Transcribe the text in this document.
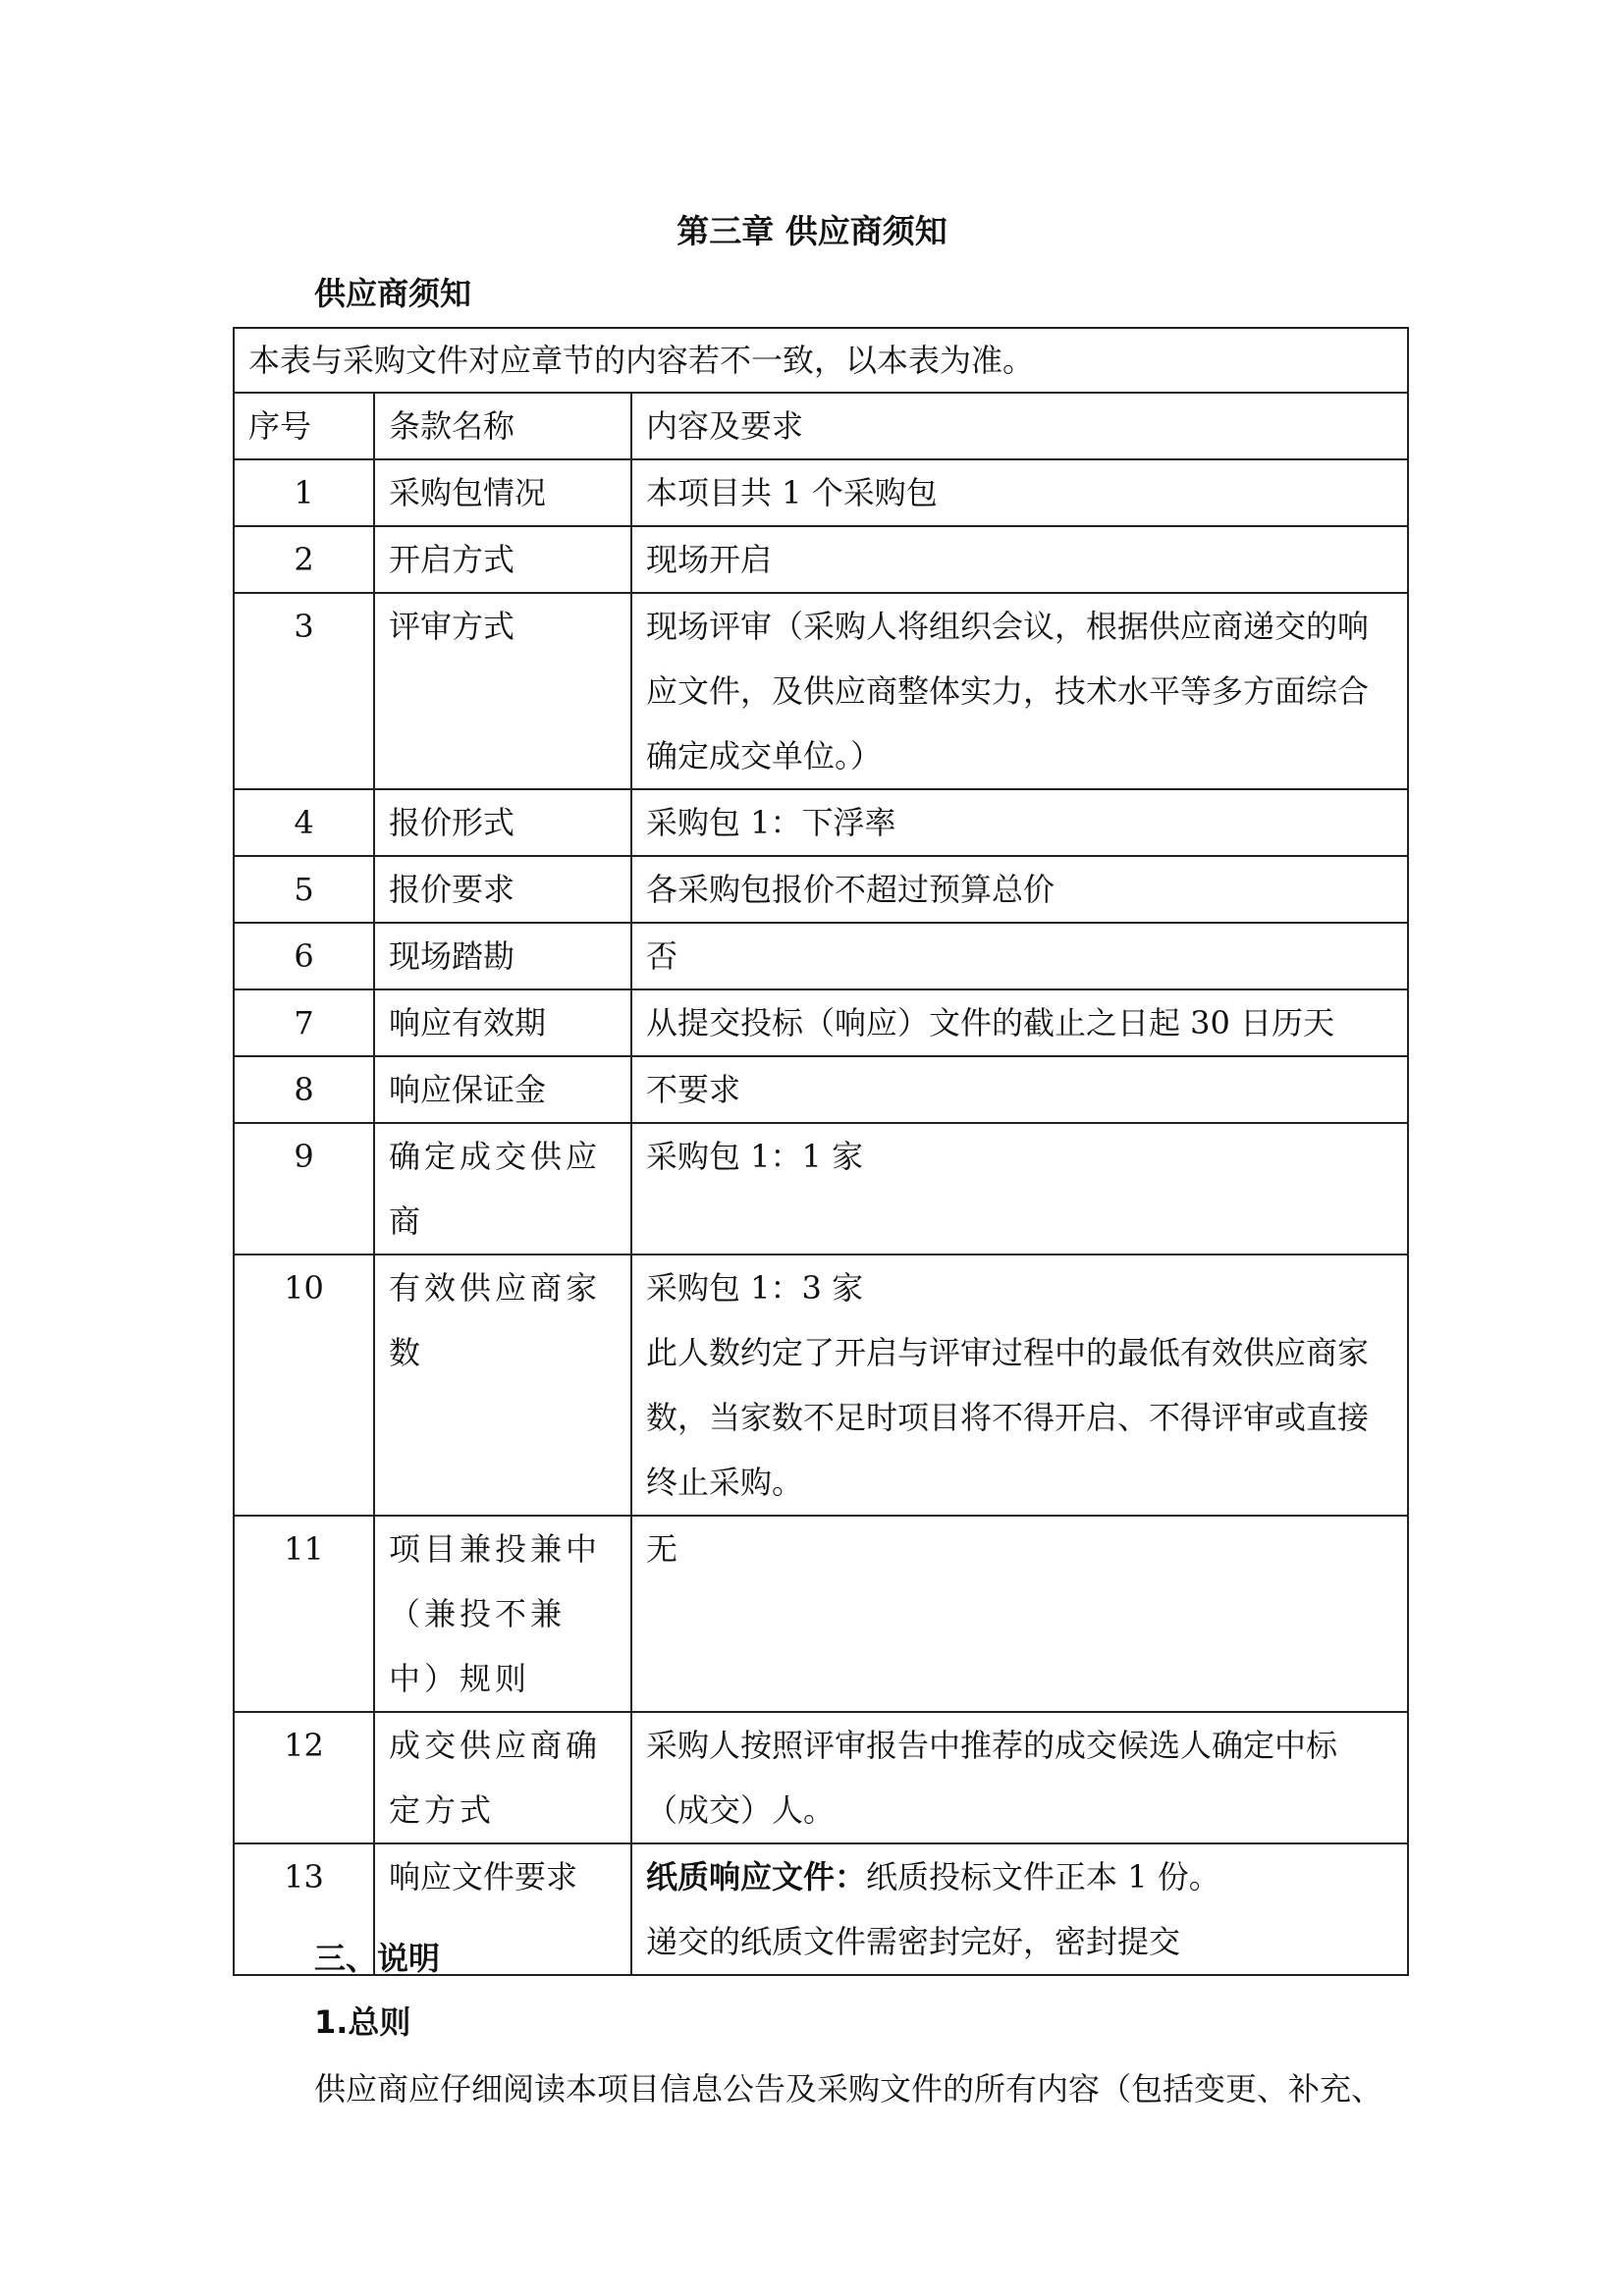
第三章 供应商须知
供应商须知
本表与采购文件对应章节的内容若不一致，以本表为准。		
序号	条款名称	内容及要求
1	采购包情况	本项目共 1 个采购包
2	开启方式	现场开启
3	评审方式	现场评审（采购人将组织会议，根据供应商递交的响应文件，及供应商整体实力，技术水平等多方面综合确定成交单位。）
4	报价形式	采购包 1：下浮率
5	报价要求	各采购包报价不超过预算总价
6	现场踏勘	否
7	响应有效期	从提交投标（响应）文件的截止之日起 30 日历天
8	响应保证金	不要求
9	确定成交供应商	采购包 1：1 家
10	有效供应商家数	采购包 1：3 家
此人数约定了开启与评审过程中的最低有效供应商家数，当家数不足时项目将不得开启、不得评审或直接终止采购。

11	项目兼投兼中（兼投不兼中）规则	无
12	成交供应商确定方式	采购人按照评审报告中推荐的成交候选人确定中标（成交）人。
13	响应文件要求	纸质响应文件：纸质投标文件正本 1 份。
递交的纸质文件需密封完好，密封提交
三、说明
1.总则
供应商应仔细阅读本项目信息公告及采购文件的所有内容（包括变更、补充、
